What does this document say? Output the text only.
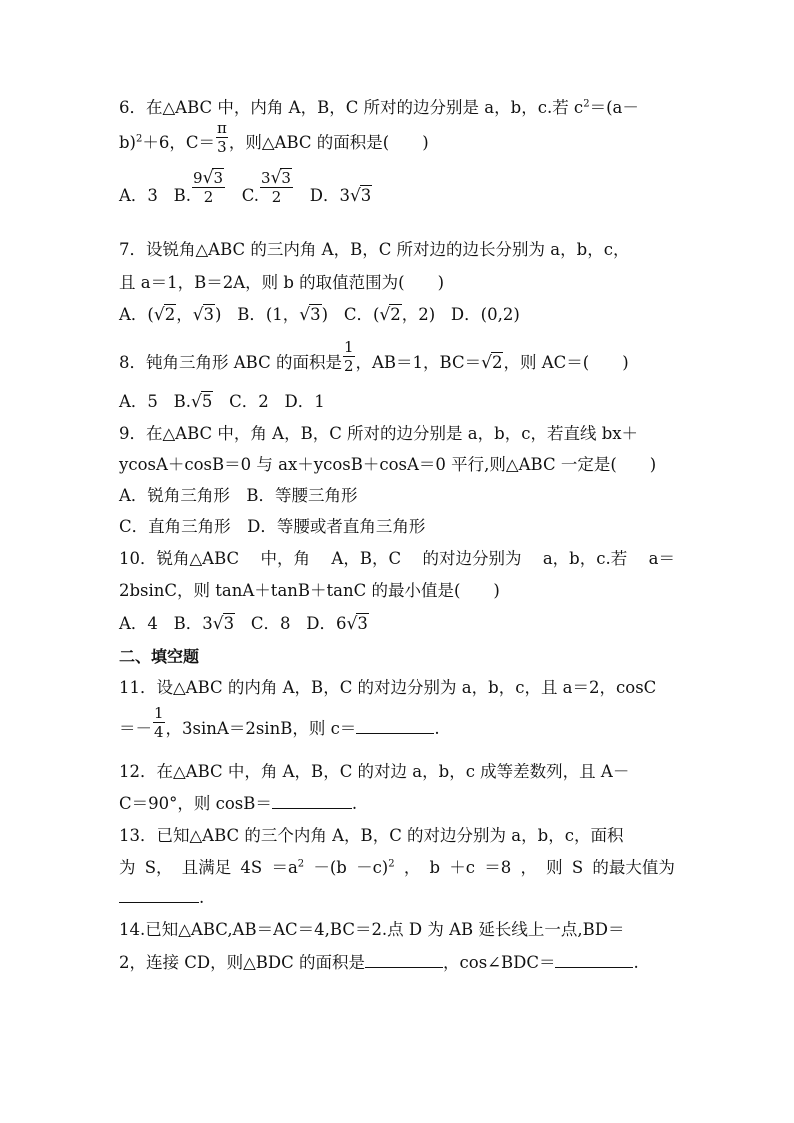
6．在△ABC 中，内角 A，B，C 所对的边分别是 a，b，c.若 $c^2=(a-$
b)$^2$＋6，$C= \frac{\pi}{3}$ ，则△ABC 的面积是(　　)
A．3 B. $\frac{9√3}{2} C$. $\frac{3√3}{2}$ D．3√3
7．设锐角△ABC 的三内角 A，B，C 所对边的边长分别为 a，b，c，
且 a＝1，B＝2A，则 b 的取值范围为(　　)
A．(√2，√3) B．(1，√3) C．(√2，2) D．(0,2)
8．钝角三角形 ABC 的面积是 $\frac{1}{2}$ ，AB＝1，BC＝√2，则 AC＝(　　)
A．5 B.√5 C．2 D．1
9．在△ABC 中，角 A，B，C 所对的边分别是 a，b，c，若直线 bx＋
ycosA＋cosB＝0 与 ax＋ycosB＋cosA＝0 平行,则△ABC 一定是(　　)
A．锐角三角形　B．等腰三角形
C．直角三角形　D．等腰或者直角三角形
10．锐角△ABC 中，角 A，B，C 的对边分别为 a，b，c.若 a＝
2bsinC，则 tanA＋tanB＋tanC 的最小值是(　　)
A．4 B．3√3 C．8 D．6√3
二、填空题
11．设△ABC 的内角 A，B，C 的对边分别为 a，b，c，且 a＝2，cosC
＝－ $\frac{1}{4}$ ，3sinA＝2sinB，则 c＝	.
12．在△ABC 中，角 A，B，C 的对边 a，b，c 成等差数列，且 A－
C＝90°，则 cosB＝	.
13．已知△ABC 的三个内角 A，B，C 的对边分别为 a，b，c，面积
为 S， 且满足 $4S =a^2 -(b -c)^2$ ， b ＋c ＝8 ， 则 S 的最大值为
.
14.已知△ABC,AB＝AC＝4,BC＝2.点 D 为 AB 延长线上一点,BD＝
2，连接 CD，则△BDC 的面积是	，cos∠BDC＝	.
